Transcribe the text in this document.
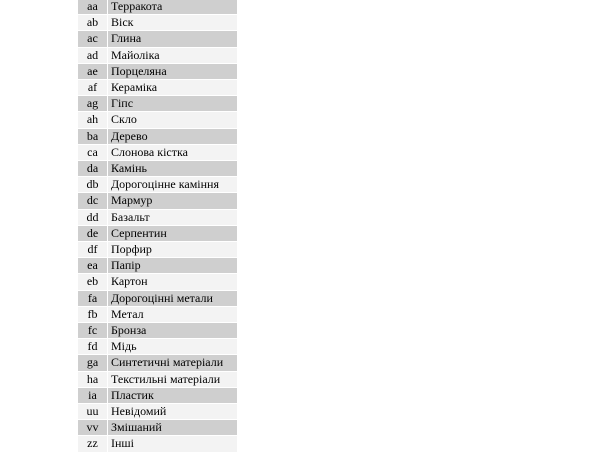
aa		Терракота
ab		Віск
ac		Глина
ad		Майоліка
ae		Порцеляна
af		Кераміка
ag		Гіпс
ah		Скло
ba		Дерево
ca		Слонова кістка
da		Камінь
db		Дорогоцінне каміння
dc		Мармур
dd		Базальт
de		Серпентин
df		Порфир
ea		Папір
eb		Картон
fa		Дорогоцінні метали
fb		Метал
fc		Бронза
fd		Мідь
ga		Синтетичні матеріали
ha		Текстильні матеріали
ia		Пластик
uu		Невідомий
vv		Змішаний
zz		Інші
